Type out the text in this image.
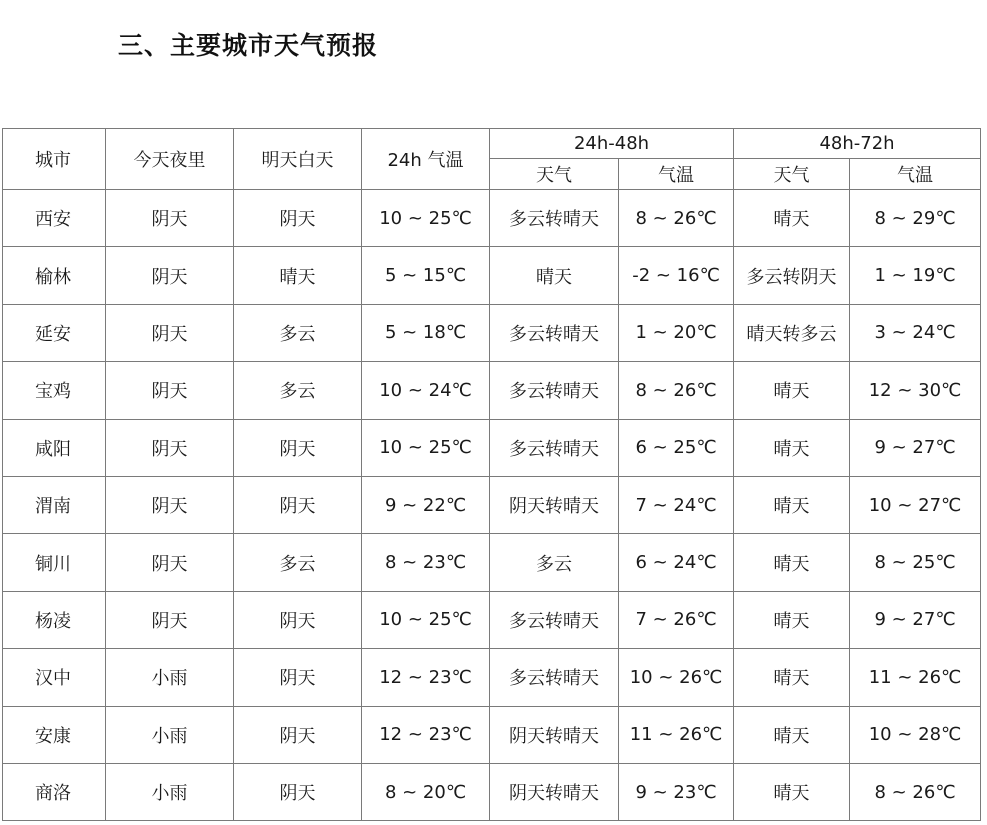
三、主要城市天气预报
城市	今天夜里	明天白天	24h 气温	24h-48h		48h-72h	
				天气	气温	天气	气温
西安	阴天	阴天	10 ~ 25℃	多云转晴天	8 ~ 26℃	晴天	8 ~ 29℃
榆林	阴天	晴天	5 ~ 15℃	晴天	-2 ~ 16℃	多云转阴天	1 ~ 19℃
延安	阴天	多云	5 ~ 18℃	多云转晴天	1 ~ 20℃	晴天转多云	3 ~ 24℃
宝鸡	阴天	多云	10 ~ 24℃	多云转晴天	8 ~ 26℃	晴天	12 ~ 30℃
咸阳	阴天	阴天	10 ~ 25℃	多云转晴天	6 ~ 25℃	晴天	9 ~ 27℃
渭南	阴天	阴天	9 ~ 22℃	阴天转晴天	7 ~ 24℃	晴天	10 ~ 27℃
铜川	阴天	多云	8 ~ 23℃	多云	6 ~ 24℃	晴天	8 ~ 25℃
杨凌	阴天	阴天	10 ~ 25℃	多云转晴天	7 ~ 26℃	晴天	9 ~ 27℃
汉中	小雨	阴天	12 ~ 23℃	多云转晴天	10 ~ 26℃	晴天	11 ~ 26℃
安康	小雨	阴天	12 ~ 23℃	阴天转晴天	11 ~ 26℃	晴天	10 ~ 28℃
商洛	小雨	阴天	8 ~ 20℃	阴天转晴天	9 ~ 23℃	晴天	8 ~ 26℃
